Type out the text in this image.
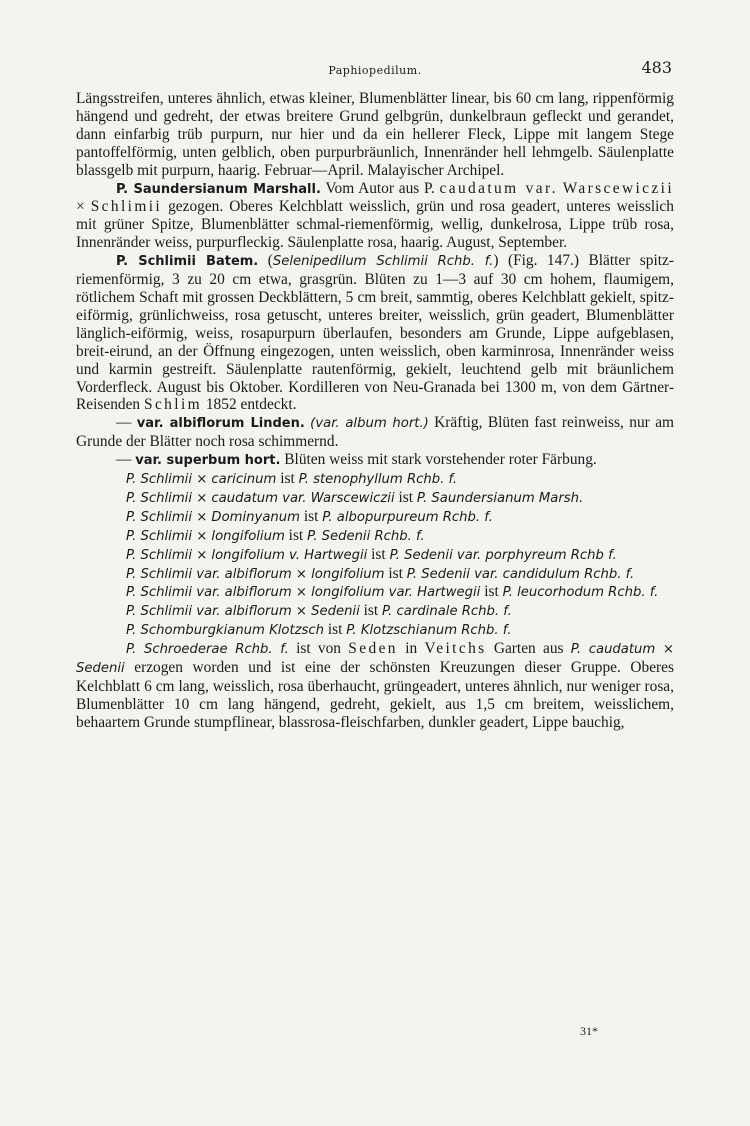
Paphiopedilum.	483

Längsstreifen, unteres ähnlich, etwas kleiner, Blumenblätter linear, bis 60 cm lang, rippenförmig hängend und gedreht, der etwas breitere Grund gelbgrün, dunkelbraun gefleckt und gerandet, dann einfarbig trüb purpurn, nur hier und da ein hellerer Fleck, Lippe mit langem Stege pantoffelförmig, unten gelblich, oben purpurbräunlich, Innenränder hell lehmgelb. Säulenplatte blassgelb mit purpurn, haarig. Februar—April. Malayischer Archipel.

P. Saundersianum Marshall. Vom Autor aus P. caudatum var. Warscewiczii × Schlimii gezogen. Oberes Kelchblatt weisslich, grün und rosa geadert, unteres weisslich mit grüner Spitze, Blumenblätter schmal-riemenförmig, wellig, dunkelrosa, Lippe trüb rosa, Innenränder weiss, purpurfleckig. Säulenplatte rosa, haarig. August, September.

P. Schlimii Batem. (Selenipedilum Schlimii Rchb. f.) (Fig. 147.) Blätter spitz-riemenförmig, 3 zu 20 cm etwa, grasgrün. Blüten zu 1—3 auf 30 cm hohem, flaumigem, rötlichem Schaft mit grossen Deckblättern, 5 cm breit, sammtig, oberes Kelchblatt gekielt, spitz-eiförmig, grünlichweiss, rosa getuscht, unteres breiter, weisslich, grün geadert, Blumenblätter länglich-eiförmig, weiss, rosapurpurn überlaufen, besonders am Grunde, Lippe aufgeblasen, breit-eirund, an der Öffnung eingezogen, unten weisslich, oben karminrosa, Innenränder weiss und karmin gestreift. Säulenplatte rautenförmig, gekielt, leuchtend gelb mit bräunlichem Vorderfleck. August bis Oktober. Kordilleren von Neu-Granada bei 1300 m, von dem Gärtner-Reisenden Schlim 1852 entdeckt.

— var. albiflorum Linden. (var. album hort.) Kräftig, Blüten fast reinweiss, nur am Grunde der Blätter noch rosa schimmernd.

— var. superbum hort. Blüten weiss mit stark vorstehender roter Färbung.

P. Schlimii × caricinum ist P. stenophyllum Rchb. f.

P. Schlimii × caudatum var. Warscewiczii ist P. Saundersianum Marsh.

P. Schlimii × Dominyanum ist P. albopurpureum Rchb. f.

P. Schlimii × longifolium ist P. Sedenii Rchb. f.

P. Schlimii × longifolium v. Hartwegii ist P. Sedenii var. porphyreum Rchb f.

P. Schlimii var. albiflorum × longifolium ist P. Sedenii var. candidulum Rchb. f.

P. Schlimii var. albiflorum × longifolium var. Hartwegii ist P. leucorhodum Rchb. f.

P. Schlimii var. albiflorum × Sedenii ist P. cardinale Rchb. f.

P. Schomburgkianum Klotzsch ist P. Klotzschianum Rchb. f.

P. Schroederae Rchb. f. ist von Seden in Veitchs Garten aus P. caudatum × Sedenii erzogen worden und ist eine der schönsten Kreuzungen dieser Gruppe. Oberes Kelchblatt 6 cm lang, weisslich, rosa überhaucht, grüngeadert, unteres ähnlich, nur weniger rosa, Blumenblätter 10 cm lang hängend, gedreht, gekielt, aus 1,5 cm breitem, weisslichem, behaartem Grunde stumpflinear, blassrosa-fleischfarben, dunkler geadert, Lippe bauchig,

31*
